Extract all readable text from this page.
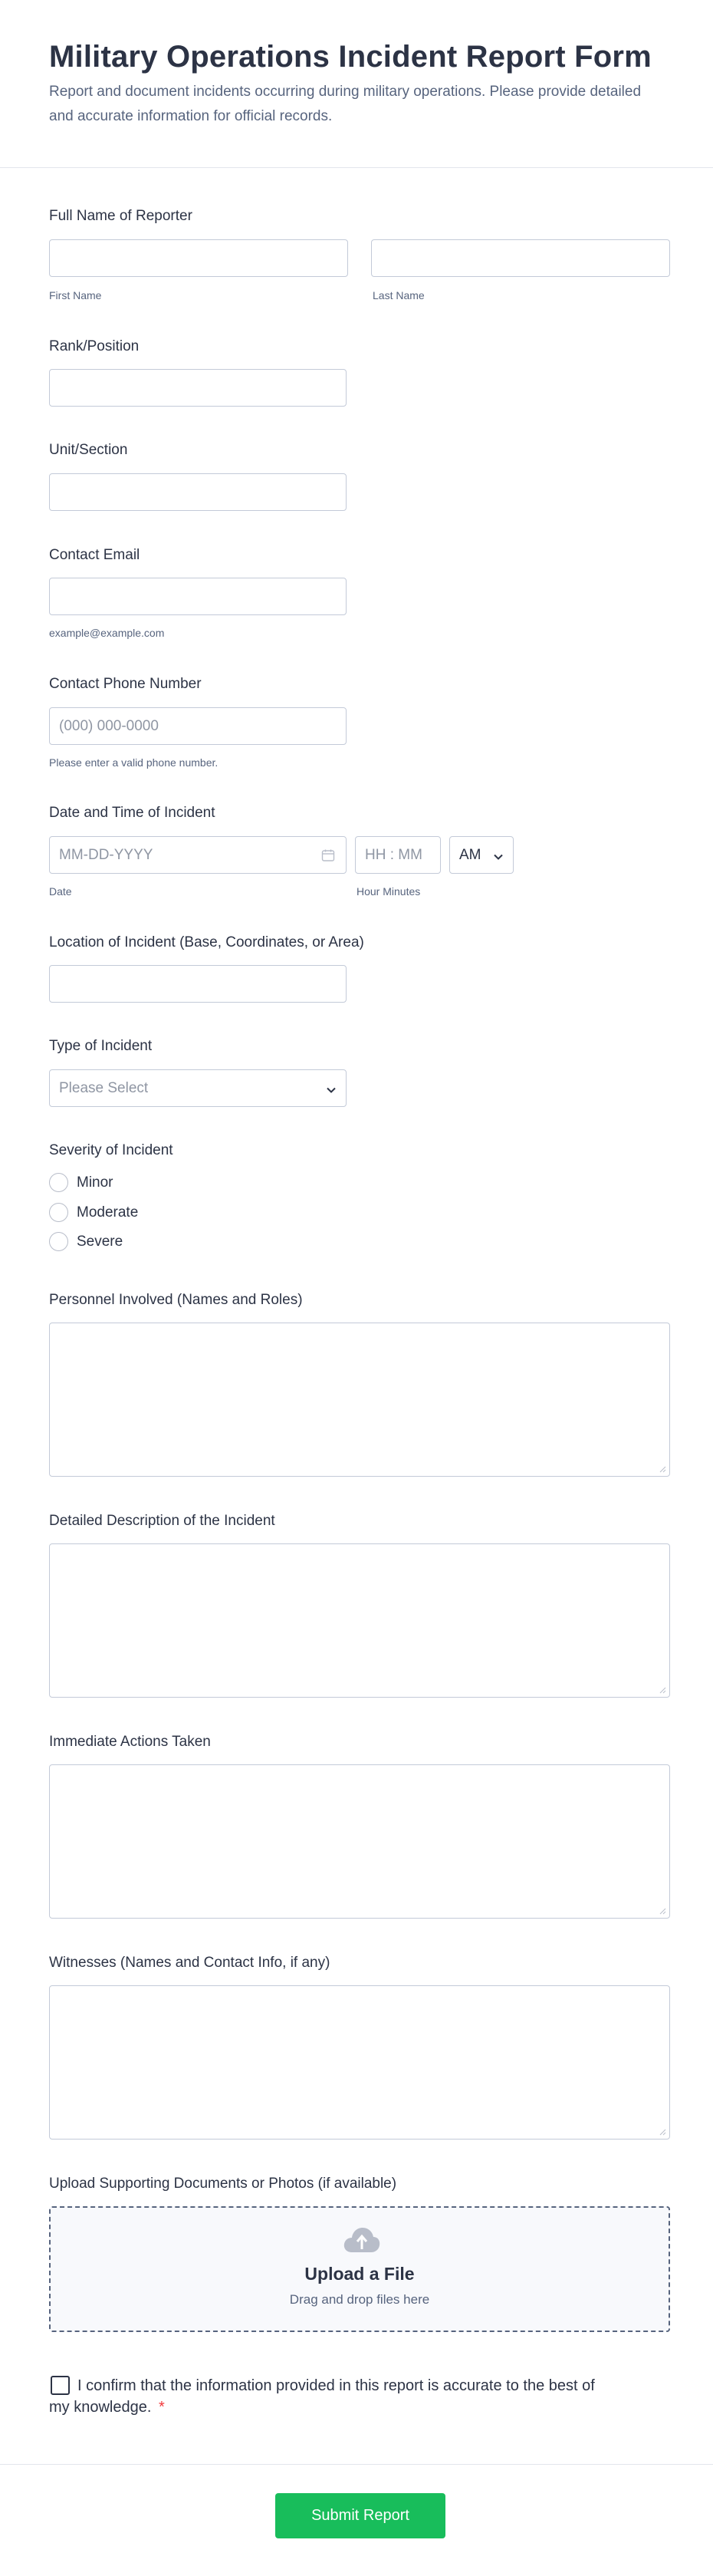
Military Operations Incident Report Form
Report and document incidents occurring during military operations. Please provide detailed and accurate information for official records.
Full Name of Reporter
First Name	Last Name
Rank/Position
Unit/Section
Contact Email
example@example.com
Contact Phone Number
(000) 000-0000
Please enter a valid phone number.
Date and Time of Incident
MM-DD-YYYY	HH : MM	AM
Date	Hour Minutes
Location of Incident (Base, Coordinates, or Area)
Type of Incident
Please Select
Severity of Incident
Minor
Moderate
Severe
Personnel Involved (Names and Roles)
Detailed Description of the Incident
Immediate Actions Taken
Witnesses (Names and Contact Info, if any)
Upload Supporting Documents or Photos (if available)
Upload a File
Drag and drop files here
I confirm that the information provided in this report is accurate to the best of my knowledge. *
Submit Report
